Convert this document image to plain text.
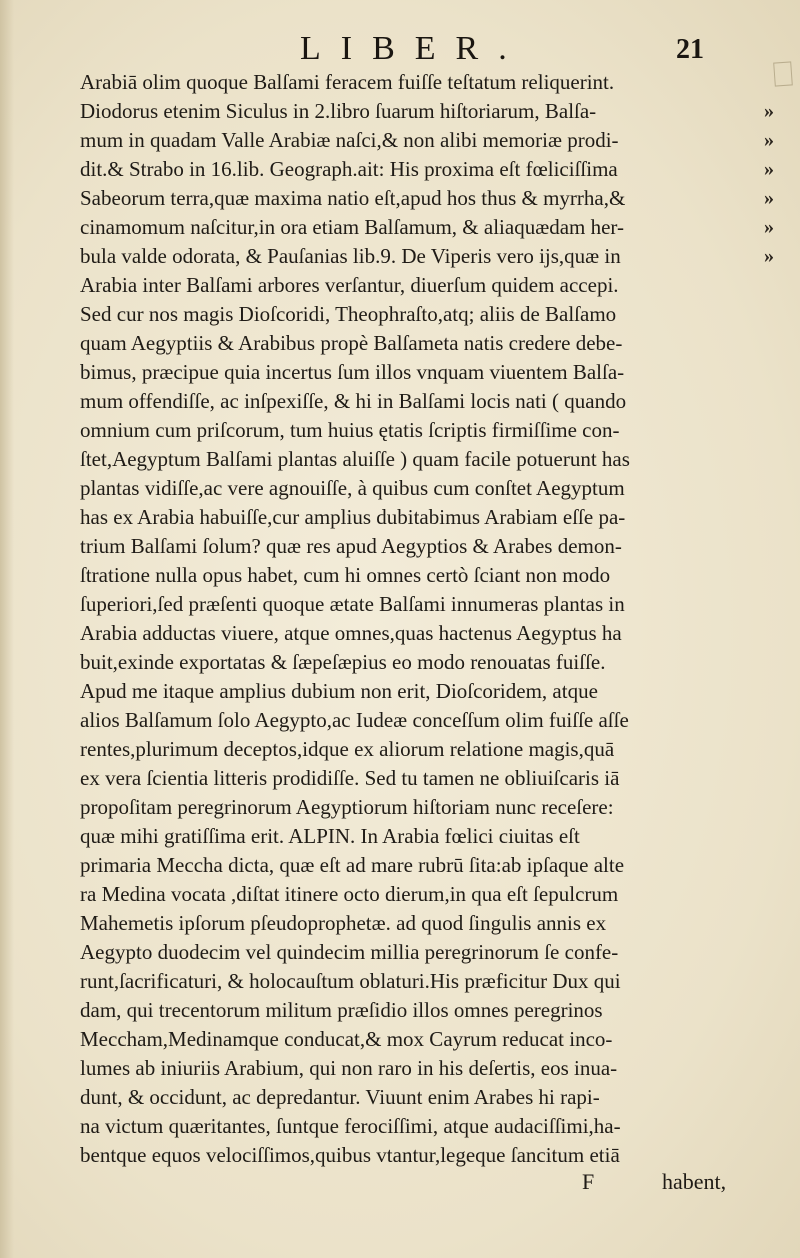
LIBER.	21
Arabiā olim quoque Balſami feracem fuiſſe teſtatum reliquerint.
Diodorus etenim Siculus in 2.libro ſuarum hiſtoriarum, Balſa-	»
mum in quadam Valle Arabiæ naſci,& non alibi memoriæ prodi-	»
dit.& Strabo in 16.lib. Geograph.ait: His proxima eſt fœliciſſima	»
Sabeorum terra,quæ maxima natio eſt,apud hos thus & myrrha,&	»
cinamomum naſcitur,in ora etiam Balſamum, & aliaquædam her-	»
bula valde odorata, & Pauſanias lib.9. De Viperis vero ijs,quæ in	»
Arabia inter Balſami arbores verſantur, diuerſum quidem accepi.
Sed cur nos magis Dioſcoridi, Theophraſto,atq; aliis de Balſamo
quam Aegyptiis & Arabibus propè Balſameta natis credere debe-
bimus, præcipue quia incertus ſum illos vnquam viuentem Balſa-
mum offendiſſe, ac inſpexiſſe, & hi in Balſami locis nati ( quando
omnium cum priſcorum, tum huius ętatis ſcriptis firmiſſime con-
ſtet,Aegyptum Balſami plantas aluiſſe ) quam facile potuerunt has
plantas vidiſſe,ac vere agnouiſſe, à quibus cum conſtet Aegyptum
has ex Arabia habuiſſe,cur amplius dubitabimus Arabiam eſſe pa-
trium Balſami ſolum? quæ res apud Aegyptios & Arabes demon-
ſtratione nulla opus habet, cum hi omnes certò ſciant non modo
ſuperiori,ſed præſenti quoque ætate Balſami innumeras plantas in
Arabia adductas viuere, atque omnes,quas hactenus Aegyptus ha
buit,exinde exportatas & ſæpeſæpius eo modo renouatas fuiſſe.
Apud me itaque amplius dubium non erit, Dioſcoridem, atque
alios Balſamum ſolo Aegypto,ac Iudeæ conceſſum olim fuiſſe aſſe
rentes,plurimum deceptos,idque ex aliorum relatione magis,quā
ex vera ſcientia litteris prodidiſſe. Sed tu tamen ne obliuiſcaris iā
propoſitam peregrinorum Aegyptiorum hiſtoriam nunc receſere:
quæ mihi gratiſſima erit. ALPIN. In Arabia fœlici ciuitas eſt
primaria Meccha dicta, quæ eſt ad mare rubrū ſita:ab ipſaque alte
ra Medina vocata ,diſtat itinere octo dierum,in qua eſt ſepulcrum
Mahemetis ipſorum pſeudoprophetæ. ad quod ſingulis annis ex
Aegypto duodecim vel quindecim millia peregrinorum ſe confe-
runt,ſacrificaturi, & holocauſtum oblaturi.His præficitur Dux qui
dam, qui trecentorum militum præſidio illos omnes peregrinos
Meccham,Medinamque conducat,& mox Cayrum reducat inco-
lumes ab iniuriis Arabium, qui non raro in his deſertis, eos inua-
dunt, & occidunt, ac depredantur. Viuunt enim Arabes hi rapi-
na victum quæritantes, ſuntque ferociſſimi, atque audaciſſimi,ha-
bentque equos velociſſimos,quibus vtantur,legeque ſancitum etiā
F	habent,
